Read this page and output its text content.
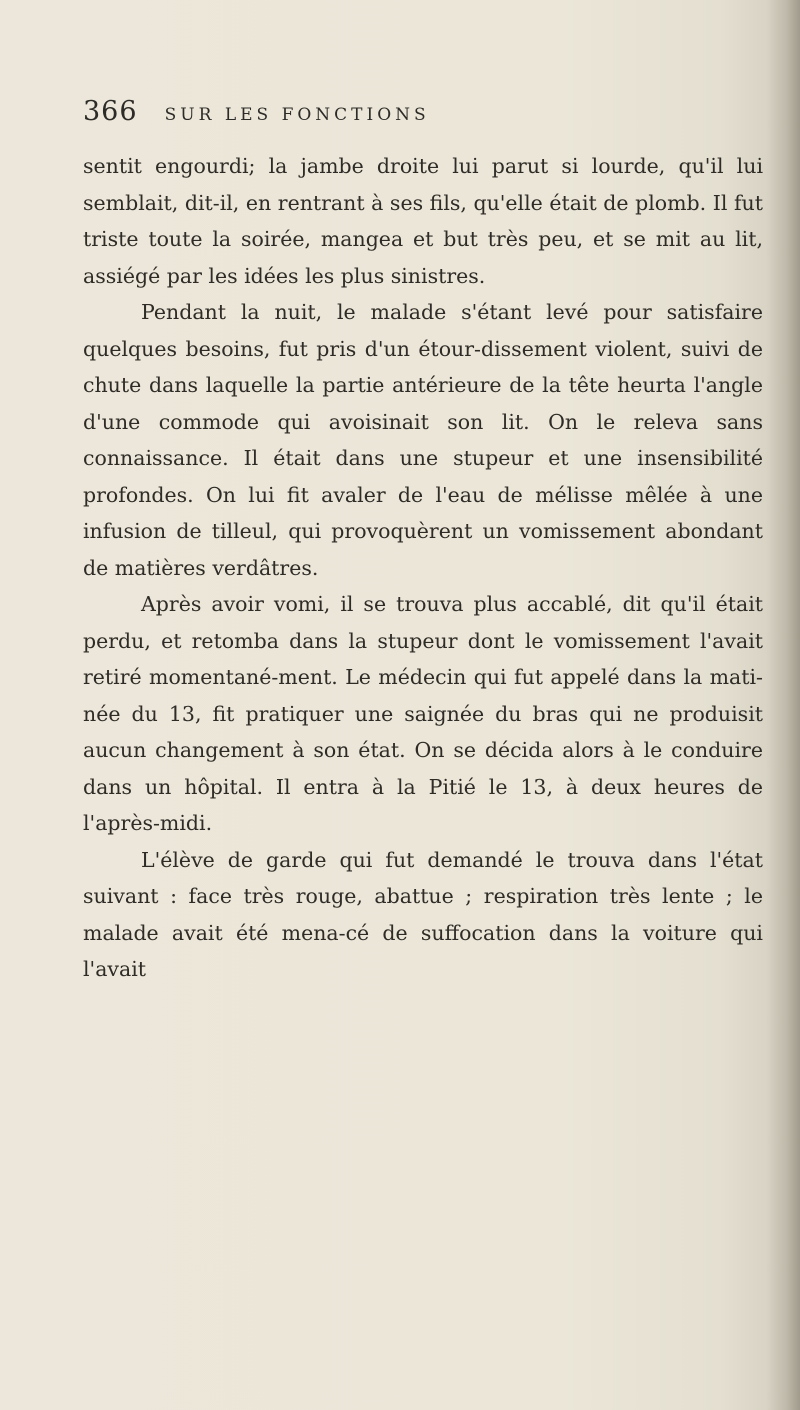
366 SUR LES FONCTIONS

sentit engourdi; la jambe droite lui parut si lourde, qu'il lui semblait, dit-il, en rentrant à ses fils, qu'elle était de plomb. Il fut triste toute la soirée, mangea et but très peu, et se mit au lit, assiégé par les idées les plus sinistres.

Pendant la nuit, le malade s'étant levé pour satisfaire quelques besoins, fut pris d'un étour-dissement violent, suivi de chute dans laquelle la partie antérieure de la tête heurta l'angle d'une commode qui avoisinait son lit. On le releva sans connaissance. Il était dans une stupeur et une insensibilité profondes. On lui fit avaler de l'eau de mélisse mêlée à une infusion de tilleul, qui provoquèrent un vomissement abondant de matières verdâtres.

Après avoir vomi, il se trouva plus accablé, dit qu'il était perdu, et retomba dans la stupeur dont le vomissement l'avait retiré momentané-ment. Le médecin qui fut appelé dans la mati-née du 13, fit pratiquer une saignée du bras qui ne produisit aucun changement à son état. On se décida alors à le conduire dans un hôpital. Il entra à la Pitié le 13, à deux heures de l'après-midi.

L'élève de garde qui fut demandé le trouva dans l'état suivant : face très rouge, abattue ; respiration très lente ; le malade avait été mena-cé de suffocation dans la voiture qui l'avait
